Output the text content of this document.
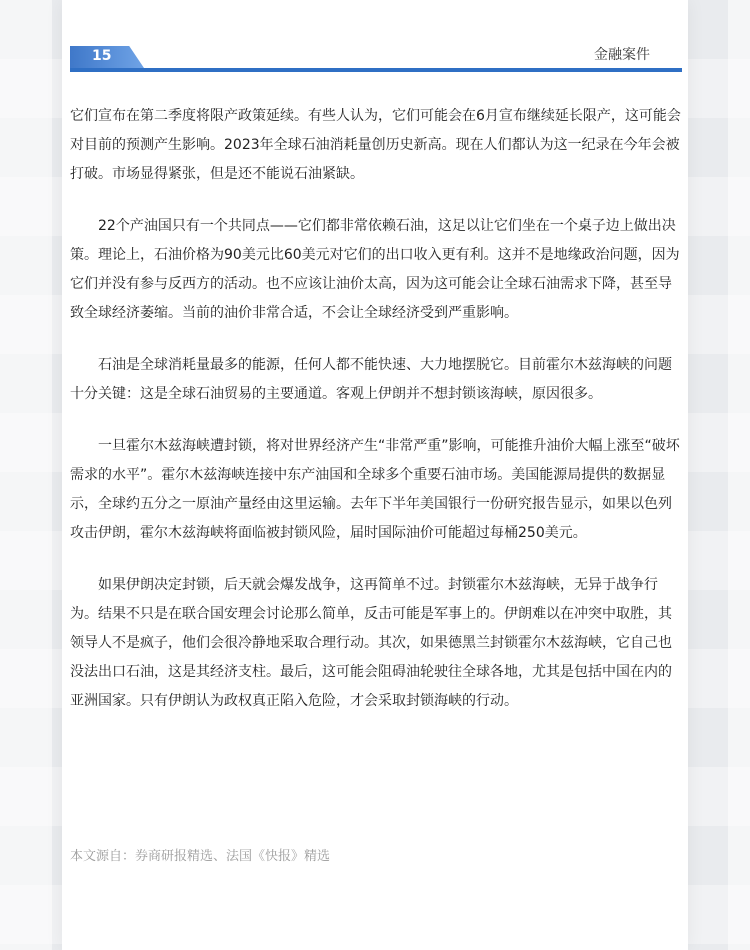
15	金融案件

它们宣布在第二季度将限产政策延续。有些人认为，它们可能会在6月宣布继续延长限产，这可能会对目前的预测产生影响。2023年全球石油消耗量创历史新高。现在人们都认为这一纪录在今年会被打破。市场显得紧张，但是还不能说石油紧缺。

22个产油国只有一个共同点——它们都非常依赖石油，这足以让它们坐在一个桌子边上做出决策。理论上，石油价格为90美元比60美元对它们的出口收入更有利。这并不是地缘政治问题，因为它们并没有参与反西方的活动。也不应该让油价太高，因为这可能会让全球石油需求下降，甚至导致全球经济萎缩。当前的油价非常合适，不会让全球经济受到严重影响。

石油是全球消耗量最多的能源，任何人都不能快速、大力地摆脱它。目前霍尔木兹海峡的问题十分关键：这是全球石油贸易的主要通道。客观上伊朗并不想封锁该海峡，原因很多。

一旦霍尔木兹海峡遭封锁，将对世界经济产生“非常严重”影响，可能推升油价大幅上涨至“破坏需求的水平”。霍尔木兹海峡连接中东产油国和全球多个重要石油市场。美国能源局提供的数据显示，全球约五分之一原油产量经由这里运输。去年下半年美国银行一份研究报告显示，如果以色列攻击伊朗，霍尔木兹海峡将面临被封锁风险，届时国际油价可能超过每桶250美元。

如果伊朗决定封锁，后天就会爆发战争，这再简单不过。封锁霍尔木兹海峡，无异于战争行为。结果不只是在联合国安理会讨论那么简单，反击可能是军事上的。伊朗难以在冲突中取胜，其领导人不是疯子，他们会很冷静地采取合理行动。其次，如果德黑兰封锁霍尔木兹海峡，它自己也没法出口石油，这是其经济支柱。最后，这可能会阻碍油轮驶往全球各地，尤其是包括中国在内的亚洲国家。只有伊朗认为政权真正陷入危险，才会采取封锁海峡的行动。

本文源自：券商研报精选、法国《快报》精选
